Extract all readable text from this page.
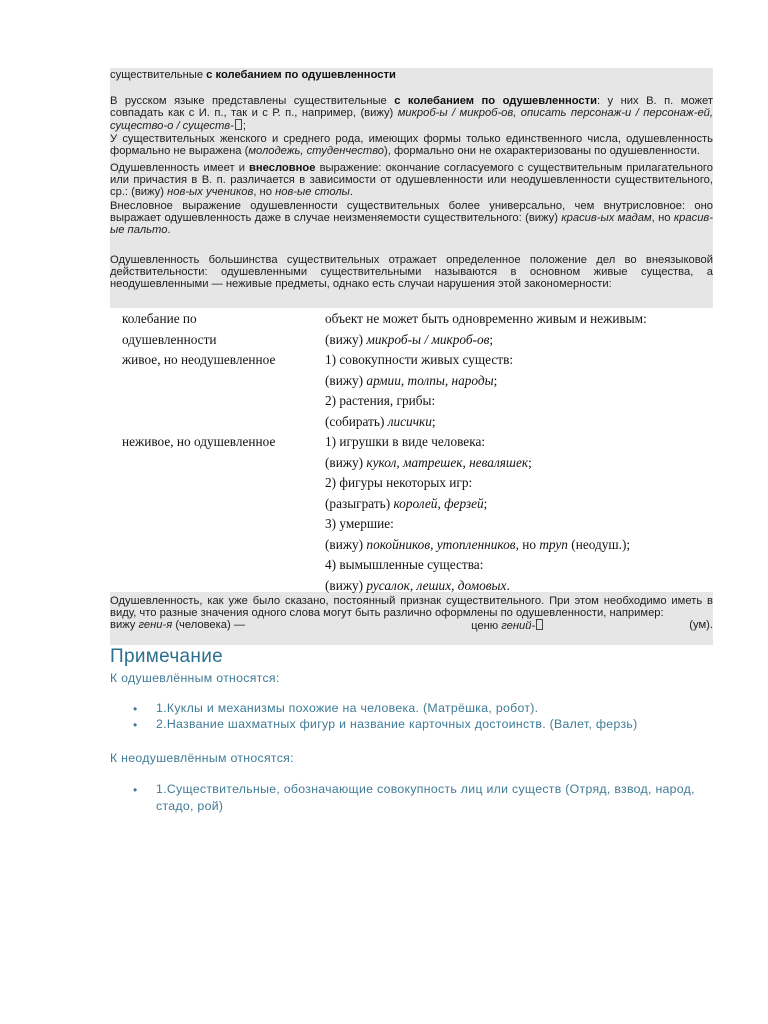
существительные с колебанием по одушевленности
В русском языке представлены существительные с колебанием по одушевленности: у них В. п. может совпадать как с И. п., так и с Р. п., например, (вижу) микроб-ы / микроб-ов, описать персонаж-и / персонаж-ей, существо-о / существ- ;
У существительных женского и среднего рода, имеющих формы только единственного числа, одушевленность формально не выражена (молодежь, студенчество), формально они не охарактеризованы по одушевленности.
Одушевленность имеет и внесловное выражение: окончание согласуемого с существительным прилагательного или причастия в В. п. различается в зависимости от одушевленности или неодушевленности существительного, ср.: (вижу) нов-ых учеников, но нов-ые столы.
Внесловное выражение одушевленности существительных более универсально, чем внутрисловное: оно выражает одушевленность даже в случае неизменяемости существительного: (вижу) красив-ых мадам, но красив-ые пальто.
Одушевленность большинства существительных отражает определенное положение дел во внеязыковой действительности: одушевленными существительными называются в основном живые существа, а неодушевленными — неживые предметы, однако есть случаи нарушения этой закономерности:
колебание по	объект не может быть одновременно живым и неживым:
одушевленности	(вижу) микроб-ы / микроб-ов;
живое, но неодушевленное	1) совокупности живых существ:
(вижу) армии, толпы, народы;
2) растения, грибы:
(собирать) лисички;
неживое, но одушевленное	1) игрушки в виде человека:
(вижу) кукол, матрешек, неваляшек;
2) фигуры некоторых игр:
(разыграть) королей, ферзей;
3) умершие:
(вижу) покойников, утопленников, но труп (неодуш.);
4) вымышленные существа:
(вижу) русалок, леших, домовых.
Одушевленность, как уже было сказано, постоянный признак существительного. При этом необходимо иметь в виду, что разные значения одного слова могут быть различно оформлены по одушевленности, например:
вижу гени-я (человека) —	ценю гений-	(ум).
Примечание
К одушевлённым относятся:
•	1.Куклы и механизмы похожие на человека. (Матрёшка, робот).
•	2.Название шахматных фигур и название карточных достоинств. (Валет, ферзь)
К неодушевлённым относятся:
•	1.Существительные, обозначающие совокупность лиц или существ (Отряд, взвод, народ, стадо, рой)
